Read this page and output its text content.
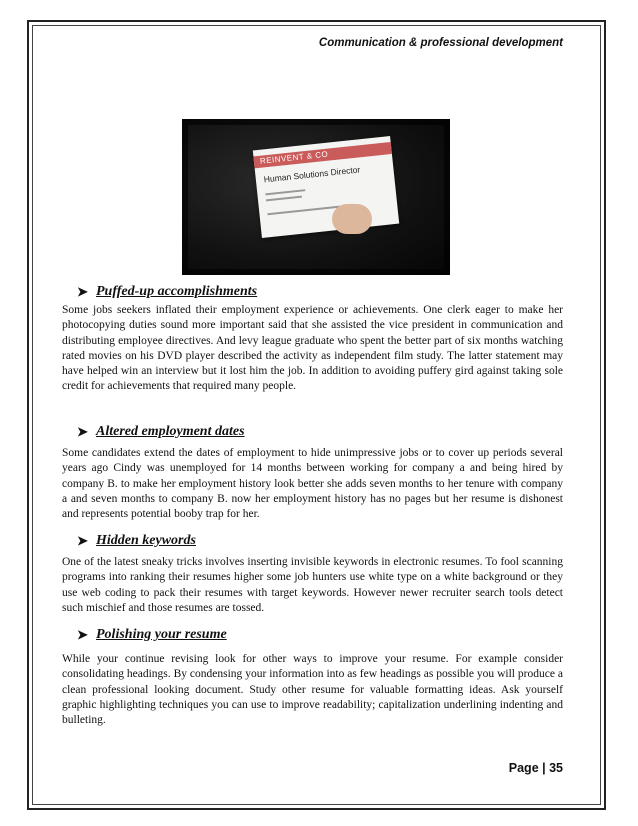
Communication & professional development
REINVENT & CO
Human Solutions Director
➤ Puffed-up accomplishments
Some jobs seekers inflated their employment experience or achievements. One clerk eager to make her photocopying duties sound more important said that she assisted the vice president in communication and distributing employee directives. And levy league graduate who spent the better part of six months watching rated movies on his DVD player described the activity as independent film study. The latter statement may have helped win an interview but it lost him the job. In addition to avoiding puffery gird against taking sole credit for achievements that required many people.
➤ Altered employment dates
Some candidates extend the dates of employment to hide unimpressive jobs or to cover up periods several years ago Cindy was unemployed for 14 months between working for company a and being hired by company B. to make her employment history look better she adds seven months to her tenure with company a and seven months to company B. now her employment history has no pages but her resume is dishonest and represents potential booby trap for her.
➤ Hidden keywords
One of the latest sneaky tricks involves inserting invisible keywords in electronic resumes. To fool scanning programs into ranking their resumes higher some job hunters use white type on a white background or they use web coding to pack their resumes with target keywords. However newer recruiter search tools detect such mischief and those resumes are tossed.
➤ Polishing your resume
While your continue revising look for other ways to improve your resume. For example consider consolidating headings. By condensing your information into as few headings as possible you will produce a clean professional looking document. Study other resume for valuable formatting ideas. Ask yourself graphic highlighting techniques you can use to improve readability; capitalization underlining indenting and bulleting.
Page | 35
